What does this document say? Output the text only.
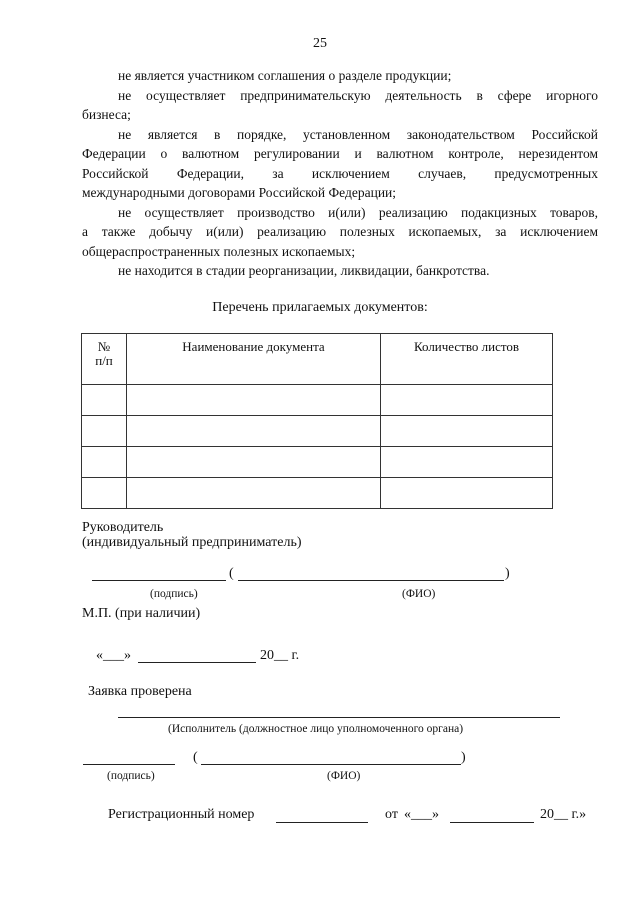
25
не является участником соглашения о разделе продукции;
не осуществляет предпринимательскую деятельность в сфере игорного
бизнеса;
не является в порядке, установленном законодательством Российской
Федерации о валютном регулировании и валютном контроле, нерезидентом
Российской Федерации, за исключением случаев, предусмотренных
международными договорами Российской Федерации;
не осуществляет производство и(или) реализацию подакцизных товаров,
а также добычу и(или) реализацию полезных ископаемых, за исключением
общераспространенных полезных ископаемых;
не находится в стадии реорганизации, ликвидации, банкротства.
Перечень прилагаемых документов:
№
п/п	Наименование документа	Количество листов

Руководитель
(индивидуальный предприниматель)
(	)
(подпись)	(ФИО)
М.П. (при наличии)
«___»	20__ г.
Заявка проверена
(Исполнитель (должностное лицо уполномоченного органа)
(	)
(подпись)	(ФИО)
Регистрационный номер	от «___»	20__ г.»
